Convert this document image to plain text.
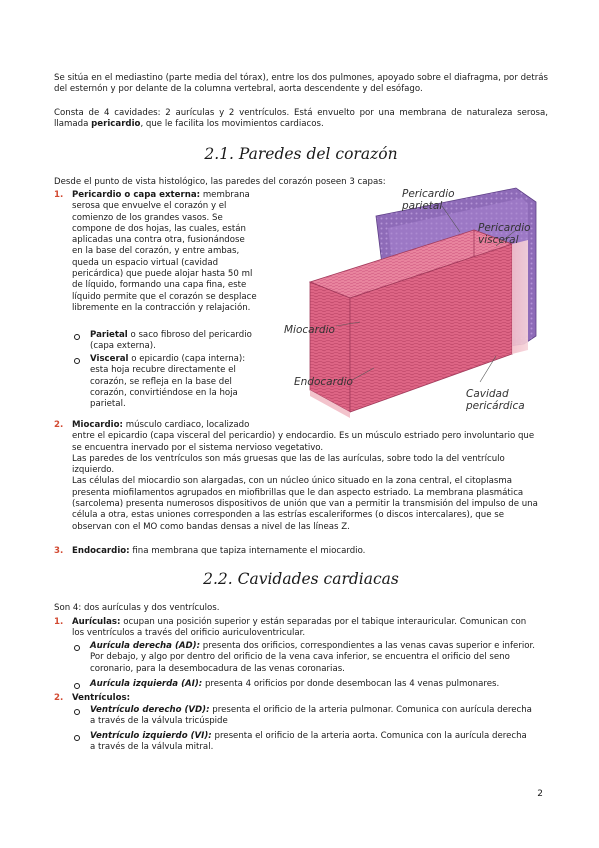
Se sitúa en el mediastino (parte media del tórax), entre los dos pulmones, apoyado sobre el diafragma, por detrás del esternón y por delante de la columna vertebral, aorta descendente y del esófago.

Consta de 4 cavidades: 2 aurículas y 2 ventrículos. Está envuelto por una membrana de naturaleza serosa, llamada pericardio, que le facilita los movimientos cardiacos.

2.1. Paredes del corazón

Desde el punto de vista histológico, las paredes del corazón poseen 3 capas:

1. Pericardio o capa externa: membrana
serosa que envuelve el corazón y el
comienzo de los grandes vasos. Se
compone de dos hojas, las cuales, están
aplicadas una contra otra, fusionándose
en la base del corazón, y entre ambas,
queda un espacio virtual (cavidad
pericárdica) que puede alojar hasta 50 ml
de líquido, formando una capa fina, este
líquido permite que el corazón se desplace
libremente en la contracción y relajación.
Parietal o saco fibroso del pericardio
(capa externa).
Visceral o epicardio (capa interna):
esta hoja recubre directamente el
corazón, se refleja en la base del
corazón, convirtiéndose en la hoja
parietal.
Pericardio
parietal
Pericardio
visceral
Miocardio
Endocardio
Cavidad
pericárdica
2. Miocardio: músculo cardiaco, localizado
entre el epicardio (capa visceral del pericardio) y endocardio. Es un músculo estriado pero involuntario que
se encuentra inervado por el sistema nervioso vegetativo.
Las paredes de los ventrículos son más gruesas que las de las aurículas, sobre todo la del ventrículo
izquierdo.
Las células del miocardio son alargadas, con un núcleo único situado en la zona central, el citoplasma
presenta miofilamentos agrupados en miofibrillas que le dan aspecto estriado. La membrana plasmática
(sarcolema) presenta numerosos dispositivos de unión que van a permitir la transmisión del impulso de una
célula a otra, estas uniones corresponden a las estrías escaleriformes (o discos intercalares), que se
observan con el MO como bandas densas a nivel de las líneas Z.
3. Endocardio: fina membrana que tapiza internamente el miocardio.
2.2. Cavidades cardiacas

Son 4: dos aurículas y dos ventrículos.

1. Aurículas: ocupan una posición superior y están separadas por el tabique interauricular. Comunican con
los ventrículos a través del orificio auriculoventricular.
Aurícula derecha (AD): presenta dos orificios, correspondientes a las venas cavas superior e inferior.
Por debajo, y algo por dentro del orificio de la vena cava inferior, se encuentra el orificio del seno
coronario, para la desembocadura de las venas coronarias.
Aurícula izquierda (AI): presenta 4 orificios por donde desembocan las 4 venas pulmonares.
2. Ventrículos:
Ventrículo derecho (VD): presenta el orificio de la arteria pulmonar. Comunica con aurícula derecha
a través de la válvula tricúspide
Ventrículo izquierdo (VI): presenta el orificio de la arteria aorta. Comunica con la aurícula derecha
a través de la válvula mitral.
2
